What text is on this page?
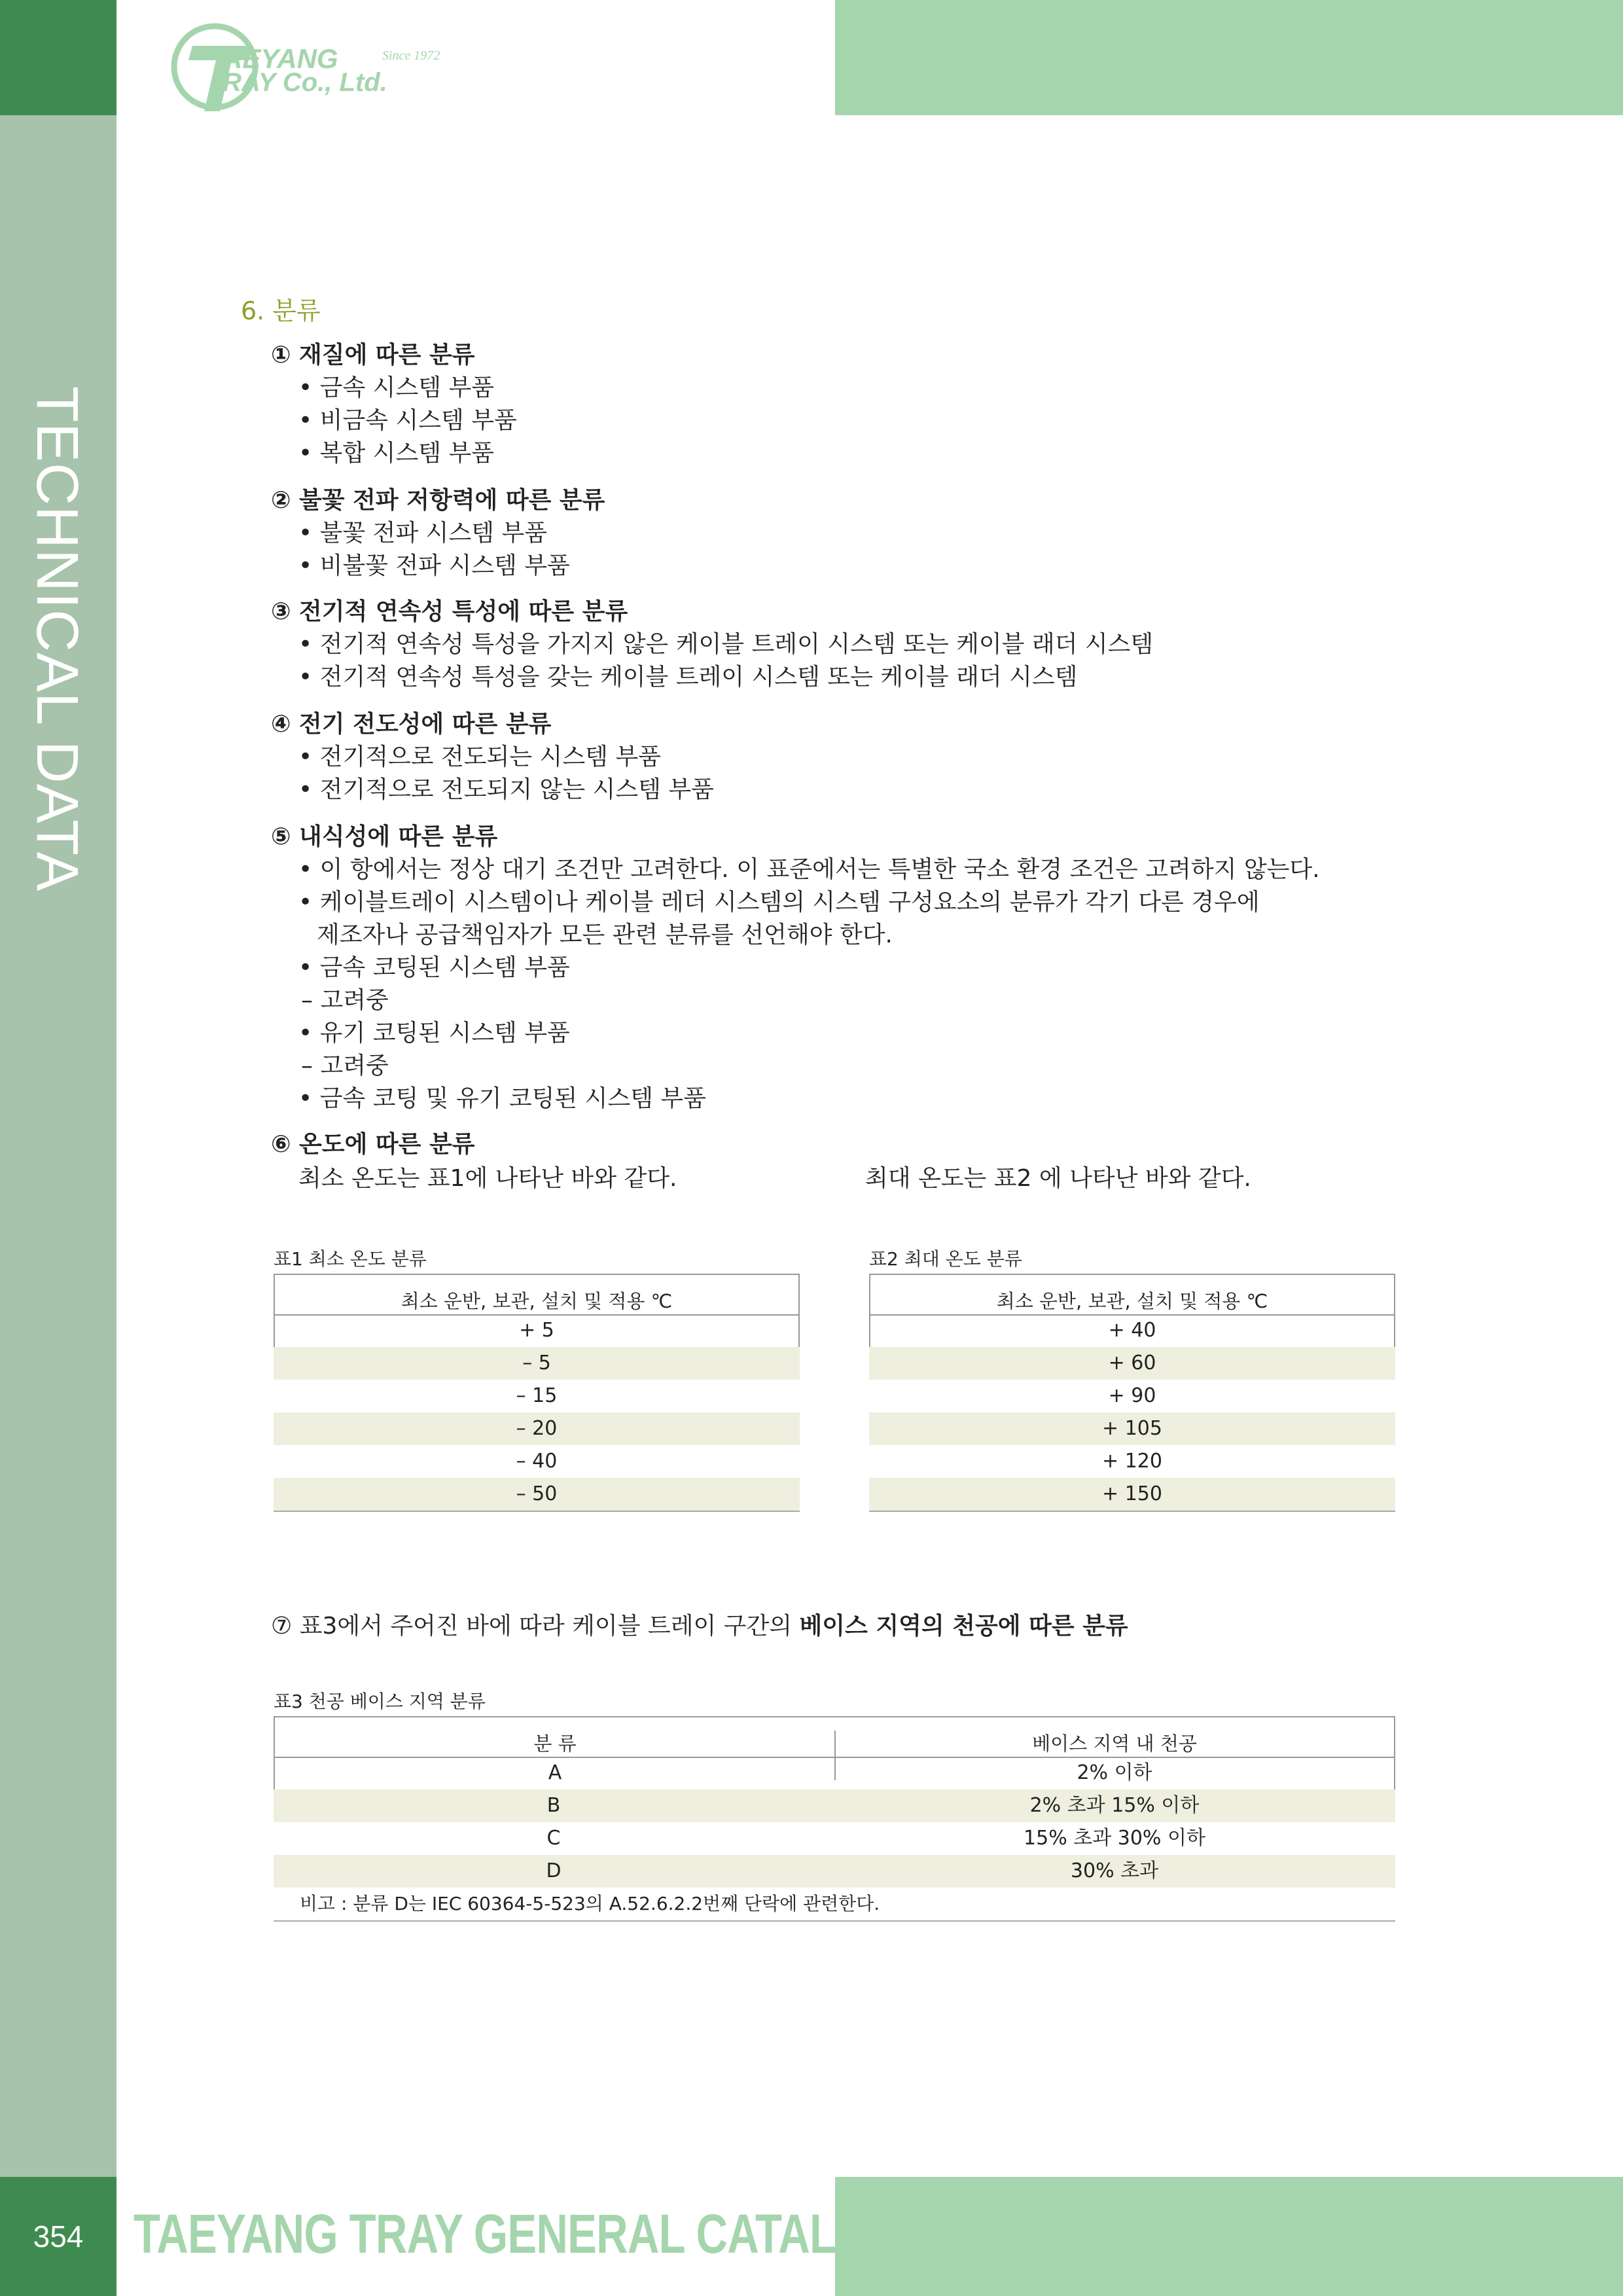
TECHNICAL DATA
354 TAEYANG TRAY GENERAL CATALOGUE
AEYANG
RAY Co., Ltd.
Since 1972
6. 분류
① 재질에 따른 분류
• 금속 시스템 부품
• 비금속 시스템 부품
• 복합 시스템 부품
② 불꽃 전파 저항력에 따른 분류
• 불꽃 전파 시스템 부품
• 비불꽃 전파 시스템 부품
③ 전기적 연속성 특성에 따른 분류
• 전기적 연속성 특성을 가지지 않은 케이블 트레이 시스템 또는 케이블 래더 시스템
• 전기적 연속성 특성을 갖는 케이블 트레이 시스템 또는 케이블 래더 시스템
④ 전기 전도성에 따른 분류
• 전기적으로 전도되는 시스템 부품
• 전기적으로 전도되지 않는 시스템 부품
⑤ 내식성에 따른 분류
• 이 항에서는 정상 대기 조건만 고려한다. 이 표준에서는 특별한 국소 환경 조건은 고려하지 않는다.
• 케이블트레이 시스템이나 케이블 레더 시스템의 시스템 구성요소의 분류가 각기 다른 경우에
제조자나 공급책임자가 모든 관련 분류를 선언해야 한다.
• 금속 코팅된 시스템 부품
– 고려중
• 유기 코팅된 시스템 부품
– 고려중
• 금속 코팅 및 유기 코팅된 시스템 부품
⑥ 온도에 따른 분류
최소 온도는 표1에 나타난 바와 같다.	최대 온도는 표2 에 나타난 바와 같다.
표1 최소 온도 분류
최소 운반, 보관, 설치 및 적용 ℃
+ 5
– 5
– 15
– 20
– 40
– 50
표2 최대 온도 분류
최소 운반, 보관, 설치 및 적용 ℃
+ 40
+ 60
+ 90
+ 105
+ 120
+ 150
⑦ 표3에서 주어진 바에 따라 케이블 트레이 구간의 베이스 지역의 천공에 따른 분류
표3 천공 베이스 지역 분류
분 류	베이스 지역 내 천공
A	2% 이하
B	2% 초과 15% 이하
C	15% 초과 30% 이하
D	30% 초과
비고 : 분류 D는 IEC 60364-5-523의 A.52.6.2.2번째 단락에 관련한다.
